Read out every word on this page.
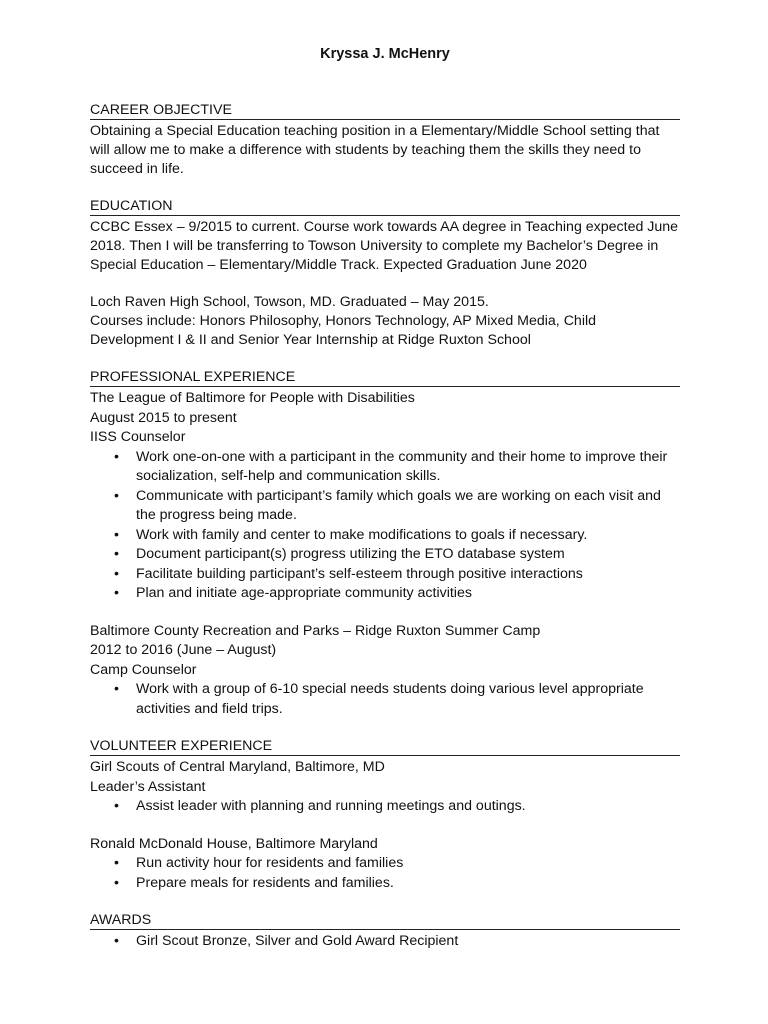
Kryssa J. McHenry
CAREER OBJECTIVE
Obtaining a Special Education teaching position in a Elementary/Middle School setting that will allow me to make a difference with students by teaching them the skills they need to succeed in life.
EDUCATION
CCBC Essex – 9/2015 to current. Course work towards AA degree in Teaching expected June 2018. Then I will be transferring to Towson University to complete my Bachelor’s Degree in Special Education – Elementary/Middle Track. Expected Graduation June 2020
Loch Raven High School, Towson, MD. Graduated – May 2015.
Courses include: Honors Philosophy, Honors Technology, AP Mixed Media, Child Development I & II and Senior Year Internship at Ridge Ruxton School
PROFESSIONAL EXPERIENCE
The League of Baltimore for People with Disabilities
August 2015 to present
IISS Counselor
• Work one-on-one with a participant in the community and their home to improve their socialization, self-help and communication skills.
• Communicate with participant’s family which goals we are working on each visit and the progress being made.
• Work with family and center to make modifications to goals if necessary.
• Document participant(s) progress utilizing the ETO database system
• Facilitate building participant’s self-esteem through positive interactions
• Plan and initiate age-appropriate community activities
Baltimore County Recreation and Parks – Ridge Ruxton Summer Camp
2012 to 2016 (June – August)
Camp Counselor
• Work with a group of 6-10 special needs students doing various level appropriate activities and field trips.
VOLUNTEER EXPERIENCE
Girl Scouts of Central Maryland, Baltimore, MD
Leader’s Assistant
• Assist leader with planning and running meetings and outings.
Ronald McDonald House, Baltimore Maryland
• Run activity hour for residents and families
• Prepare meals for residents and families.
AWARDS
• Girl Scout Bronze, Silver and Gold Award Recipient
